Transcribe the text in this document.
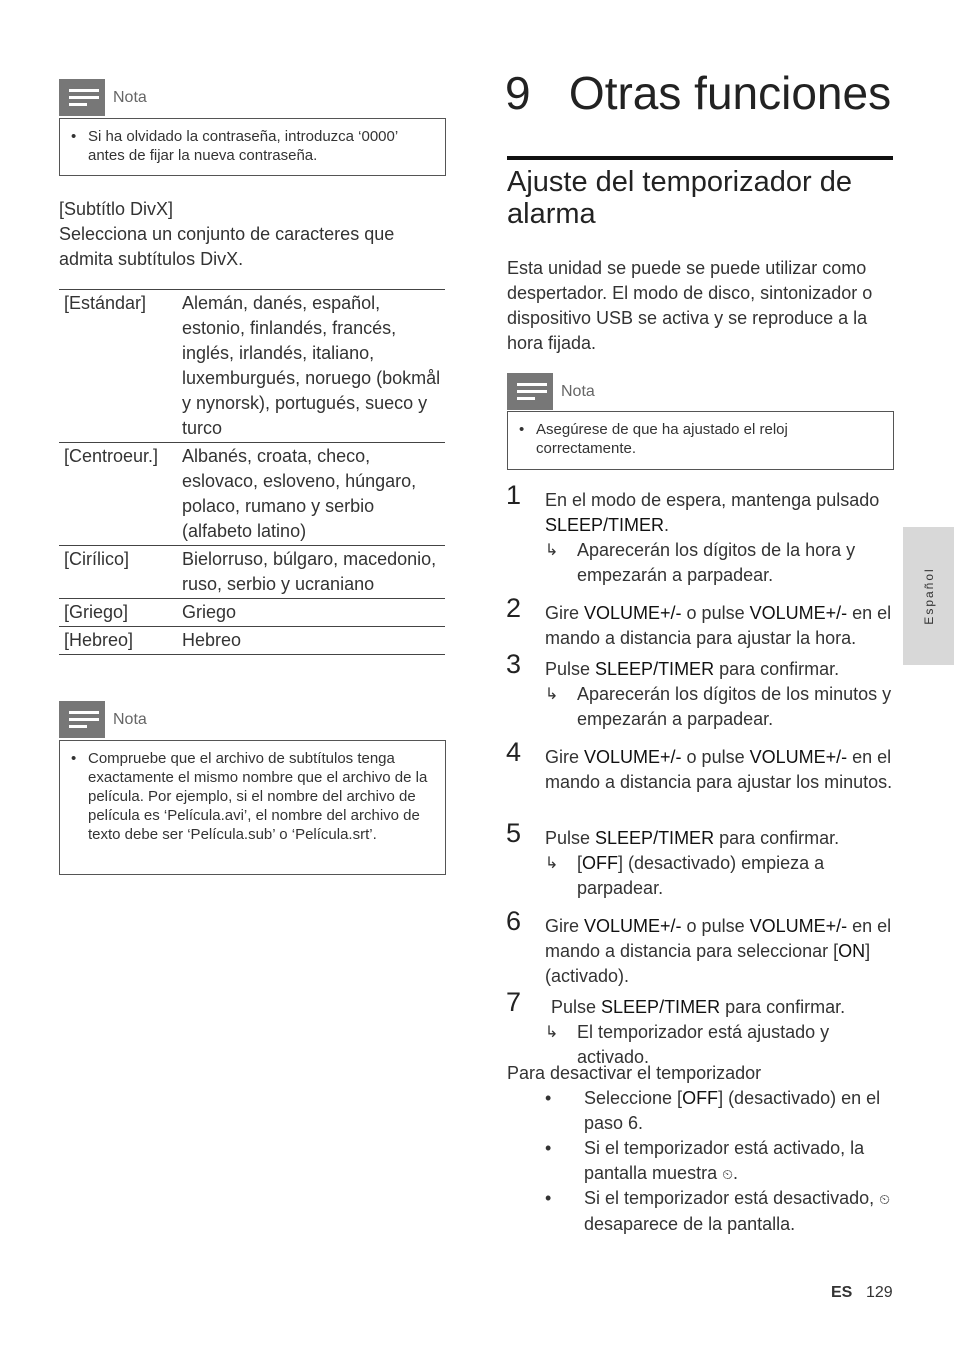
Nota
• Si ha olvidado la contraseña, introduzca ‘0000’ antes de fijar la nueva contraseña.
[Subtítlo DivX]
Selecciona un conjunto de caracteres que admita subtítulos DivX.
[Estándar]	Alemán, danés, español, estonio, finlandés, francés, inglés, irlandés, italiano, luxemburgués, noruego (bokmål y nynorsk), portugués, sueco y turco
[Centroeur.]	Albanés, croata, checo, eslovaco, esloveno, húngaro, polaco, rumano y serbio (alfabeto latino)
[Cirílico]	Bielorruso, búlgaro, macedonio, ruso, serbio y ucraniano
[Griego]	Griego
[Hebreo]	Hebreo
Nota
• Compruebe que el archivo de subtítulos tenga exactamente el mismo nombre que el archivo de la película. Por ejemplo, si el nombre del archivo de película es ‘Película.avi’, el nombre del archivo de texto debe ser ‘Película.sub’ o ‘Película.srt’.
9   Otras funciones
Ajuste del temporizador de alarma
Esta unidad se puede se puede utilizar como despertador. El modo de disco, sintonizador o dispositivo USB se activa y se reproduce a la hora fijada.
Nota
• Asegúrese de que ha ajustado el reloj correctamente.
1 En el modo de espera, mantenga pulsado SLEEP/TIMER.
↳	Aparecerán los dígitos de la hora y empezarán a parpadear.
2 Gire VOLUME+/- o pulse VOLUME+/- en el mando a distancia para ajustar la hora.
3 Pulse SLEEP/TIMER para confirmar.
↳	Aparecerán los dígitos de los minutos y empezarán a parpadear.
4 Gire VOLUME+/- o pulse VOLUME+/- en el mando a distancia para ajustar los minutos.
5 Pulse SLEEP/TIMER para confirmar.
↳	[OFF] (desactivado) empieza a parpadear.
6 Gire VOLUME+/- o pulse VOLUME+/- en el mando a distancia para seleccionar [ON] (activado).
7 Pulse SLEEP/TIMER para confirmar.
↳	El temporizador está ajustado y activado.
Para desactivar el temporizador
•	Seleccione [OFF] (desactivado) en el paso 6.
•	Si el temporizador está activado, la pantalla muestra ⏲.
•	Si el temporizador está desactivado, ⏲ desaparece de la pantalla.
Español
ES 129
